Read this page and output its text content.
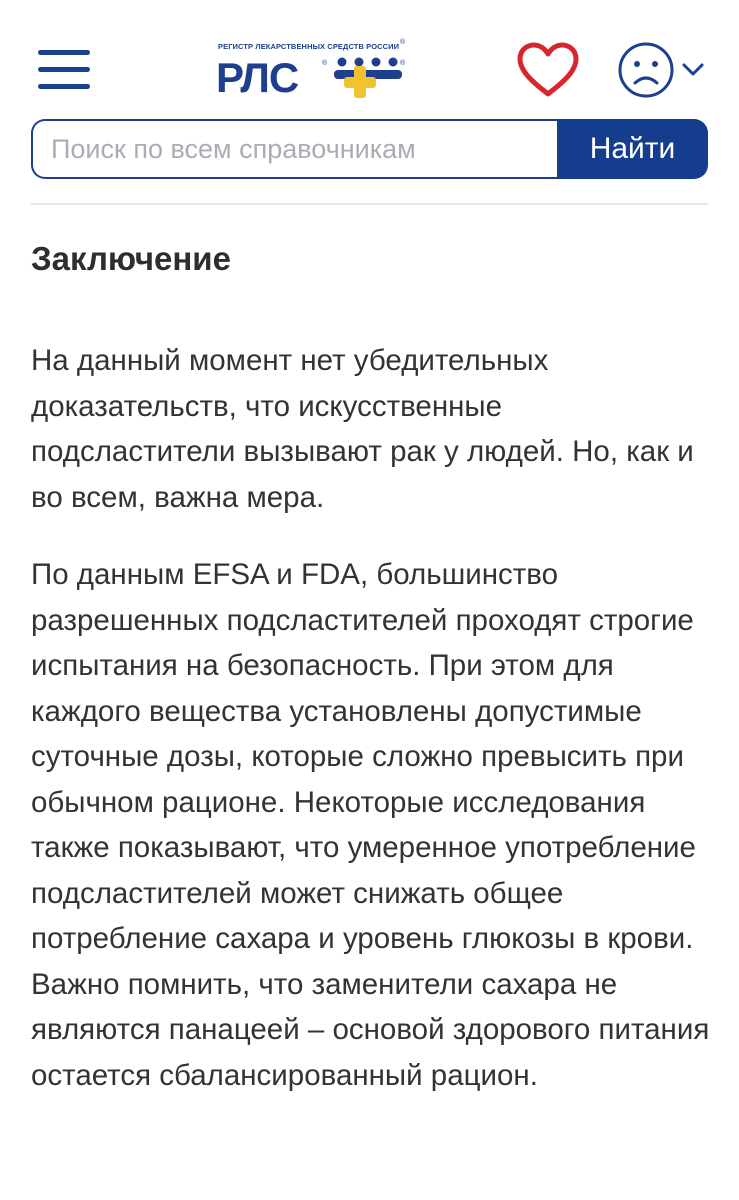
РЛС	®	®
®
РЕГИСТР ЛЕКАРСТВЕННЫХ СРЕДСТВ РОССИИ
Поиск по всем справочникам
Найти
Заключение

На данный момент нет убедительных доказательств, что искусственные подсластители вызывают рак у людей. Но, как и во всем, важна мера.

По данным EFSA и FDA, большинство разрешенных подсластителей проходят строгие испытания на безопасность. При этом для каждого вещества установлены допустимые суточные дозы, которые сложно превысить при обычном рационе. Некоторые исследования также показывают, что умеренное употребление подсластителей может снижать общее потребление сахара и уровень глюкозы в крови. Важно помнить, что заменители сахара не являются панацеей – основой здорового питания остается сбалансированный рацион.
